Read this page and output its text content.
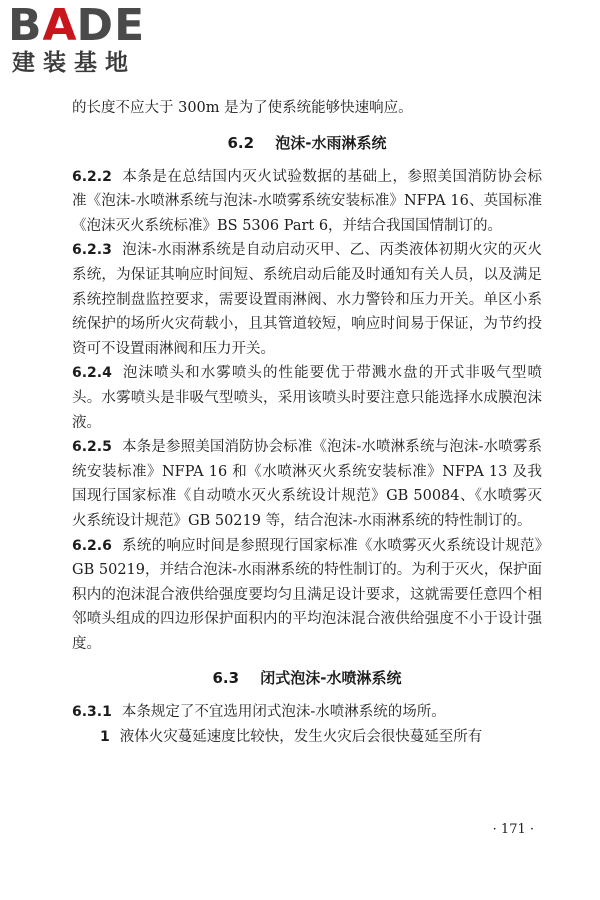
B A
DE
建装基地

的长度不应大于 300m 是为了使系统能够快速响应。

6.2 泡沫-水雨淋系统

6.2.2 本条是在总结国内灭火试验数据的基础上，参照美国消防协会标准《泡沫-水喷淋系统与泡沫-水喷雾系统安装标准》NFPA 16、英国标准《泡沫灭火系统标准》BS 5306 Part 6，并结合我国国情制订的。

6.2.3 泡沫-水雨淋系统是自动启动灭甲、乙、丙类液体初期火灾的灭火系统，为保证其响应时间短、系统启动后能及时通知有关人员，以及满足系统控制盘监控要求，需要设置雨淋阀、水力警铃和压力开关。单区小系统保护的场所火灾荷载小，且其管道较短，响应时间易于保证，为节约投资可不设置雨淋阀和压力开关。

6.2.4 泡沫喷头和水雾喷头的性能要优于带溅水盘的开式非吸气型喷头。水雾喷头是非吸气型喷头，采用该喷头时要注意只能选择水成膜泡沫液。

6.2.5 本条是参照美国消防协会标准《泡沫-水喷淋系统与泡沫-水喷雾系统安装标准》NFPA 16 和《水喷淋灭火系统安装标准》NFPA 13 及我国现行国家标准《自动喷水灭火系统设计规范》GB 50084、《水喷雾灭火系统设计规范》GB 50219 等，结合泡沫-水雨淋系统的特性制订的。

6.2.6 系统的响应时间是参照现行国家标准《水喷雾灭火系统设计规范》GB 50219，并结合泡沫-水雨淋系统的特性制订的。为利于灭火，保护面积内的泡沫混合液供给强度要均匀且满足设计要求，这就需要任意四个相邻喷头组成的四边形保护面积内的平均泡沫混合液供给强度不小于设计强度。

6.3 闭式泡沫-水喷淋系统

6.3.1 本条规定了不宜选用闭式泡沫-水喷淋系统的场所。

1 液体火灾蔓延速度比较快，发生火灾后会很快蔓延至所有

· 171 ·
